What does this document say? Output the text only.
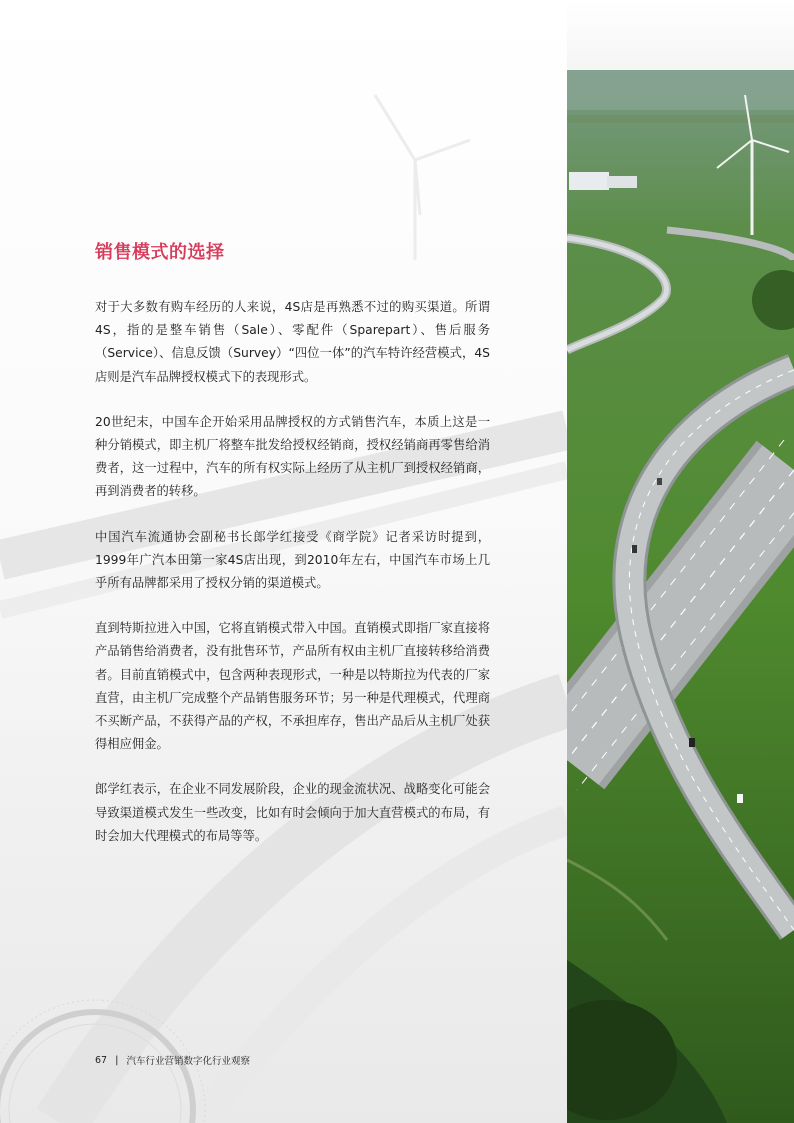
销售模式的选择

对于大多数有购车经历的人来说，4S店是再熟悉不过的购买渠道。所谓4S，指的是整车销售（Sale）、零配件（Sparepart）、售后服务（Service）、信息反馈（Survey）“四位一体”的汽车特许经营模式，4S店则是汽车品牌授权模式下的表现形式。

20世纪末，中国车企开始采用品牌授权的方式销售汽车，本质上这是一种分销模式，即主机厂将整车批发给授权经销商，授权经销商再零售给消费者，这一过程中，汽车的所有权实际上经历了从主机厂到授权经销商，再到消费者的转移。

中国汽车流通协会副秘书长郎学红接受《商学院》记者采访时提到，1999年广汽本田第一家4S店出现，到2010年左右，中国汽车市场上几乎所有品牌都采用了授权分销的渠道模式。

直到特斯拉进入中国，它将直销模式带入中国。直销模式即指厂家直接将产品销售给消费者，没有批售环节，产品所有权由主机厂直接转移给消费者。目前直销模式中，包含两种表现形式，一种是以特斯拉为代表的厂家直营，由主机厂完成整个产品销售服务环节；另一种是代理模式，代理商不买断产品，不获得产品的产权，不承担库存，售出产品后从主机厂处获得相应佣金。

郎学红表示，在企业不同发展阶段，企业的现金流状况、战略变化可能会导致渠道模式发生一些改变，比如有时会倾向于加大直营模式的布局，有时会加大代理模式的布局等等。

67 | 汽车行业营销数字化行业观察
